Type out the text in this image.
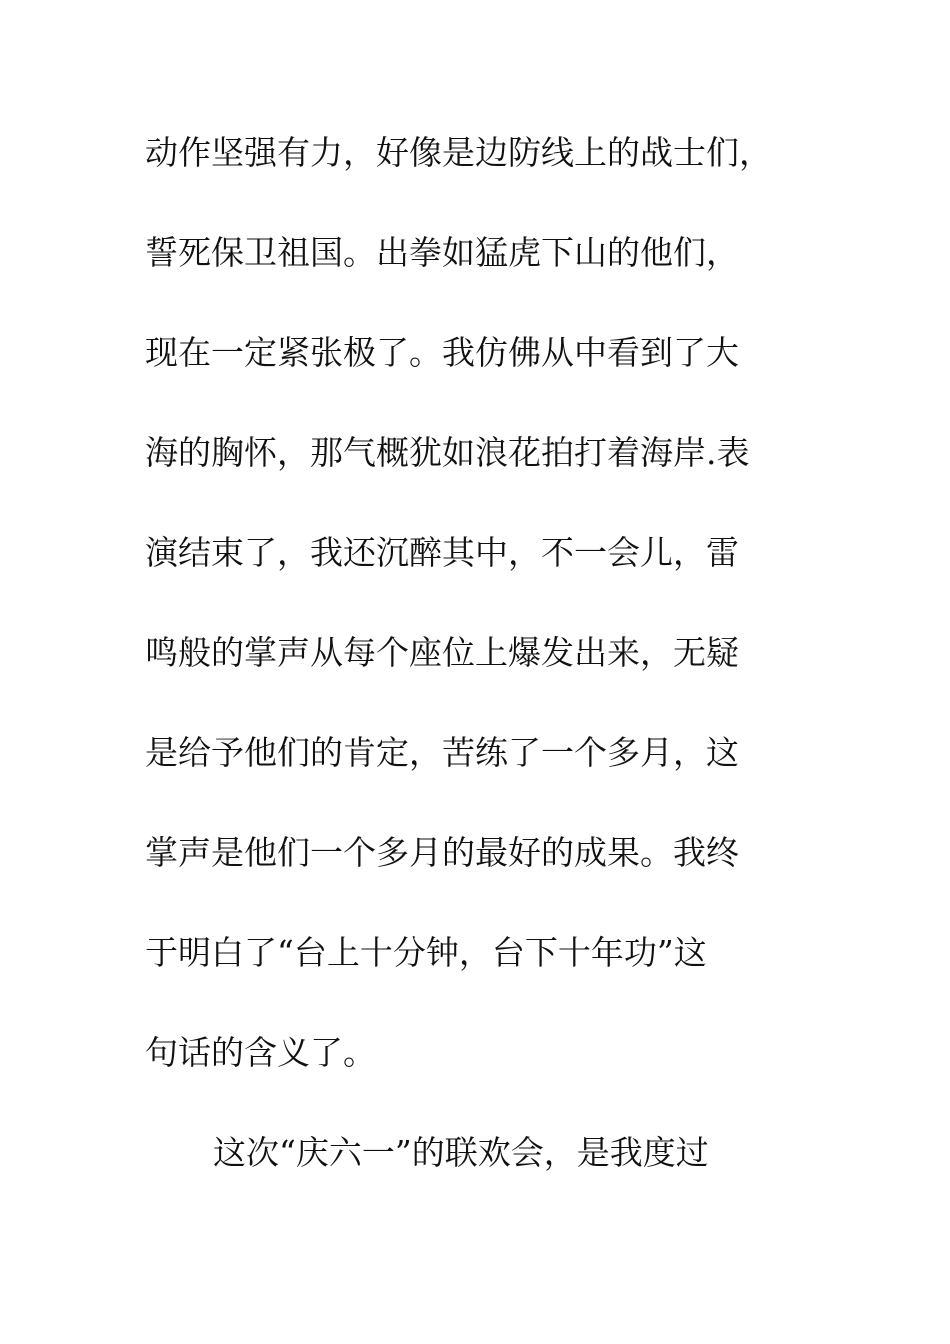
动作坚强有力，好像是边防线上的战士们，
誓死保卫祖国。出拳如猛虎下山的他们，
现在一定紧张极了。我仿佛从中看到了大
海的胸怀，那气概犹如浪花拍打着海岸.表
演结束了，我还沉醉其中，不一会儿，雷
鸣般的掌声从每个座位上爆发出来，无疑
是给予他们的肯定，苦练了一个多月，这
掌声是他们一个多月的最好的成果。我终
于明白了“台上十分钟，台下十年功”这
句话的含义了。
这次“庆六一”的联欢会，是我度过
